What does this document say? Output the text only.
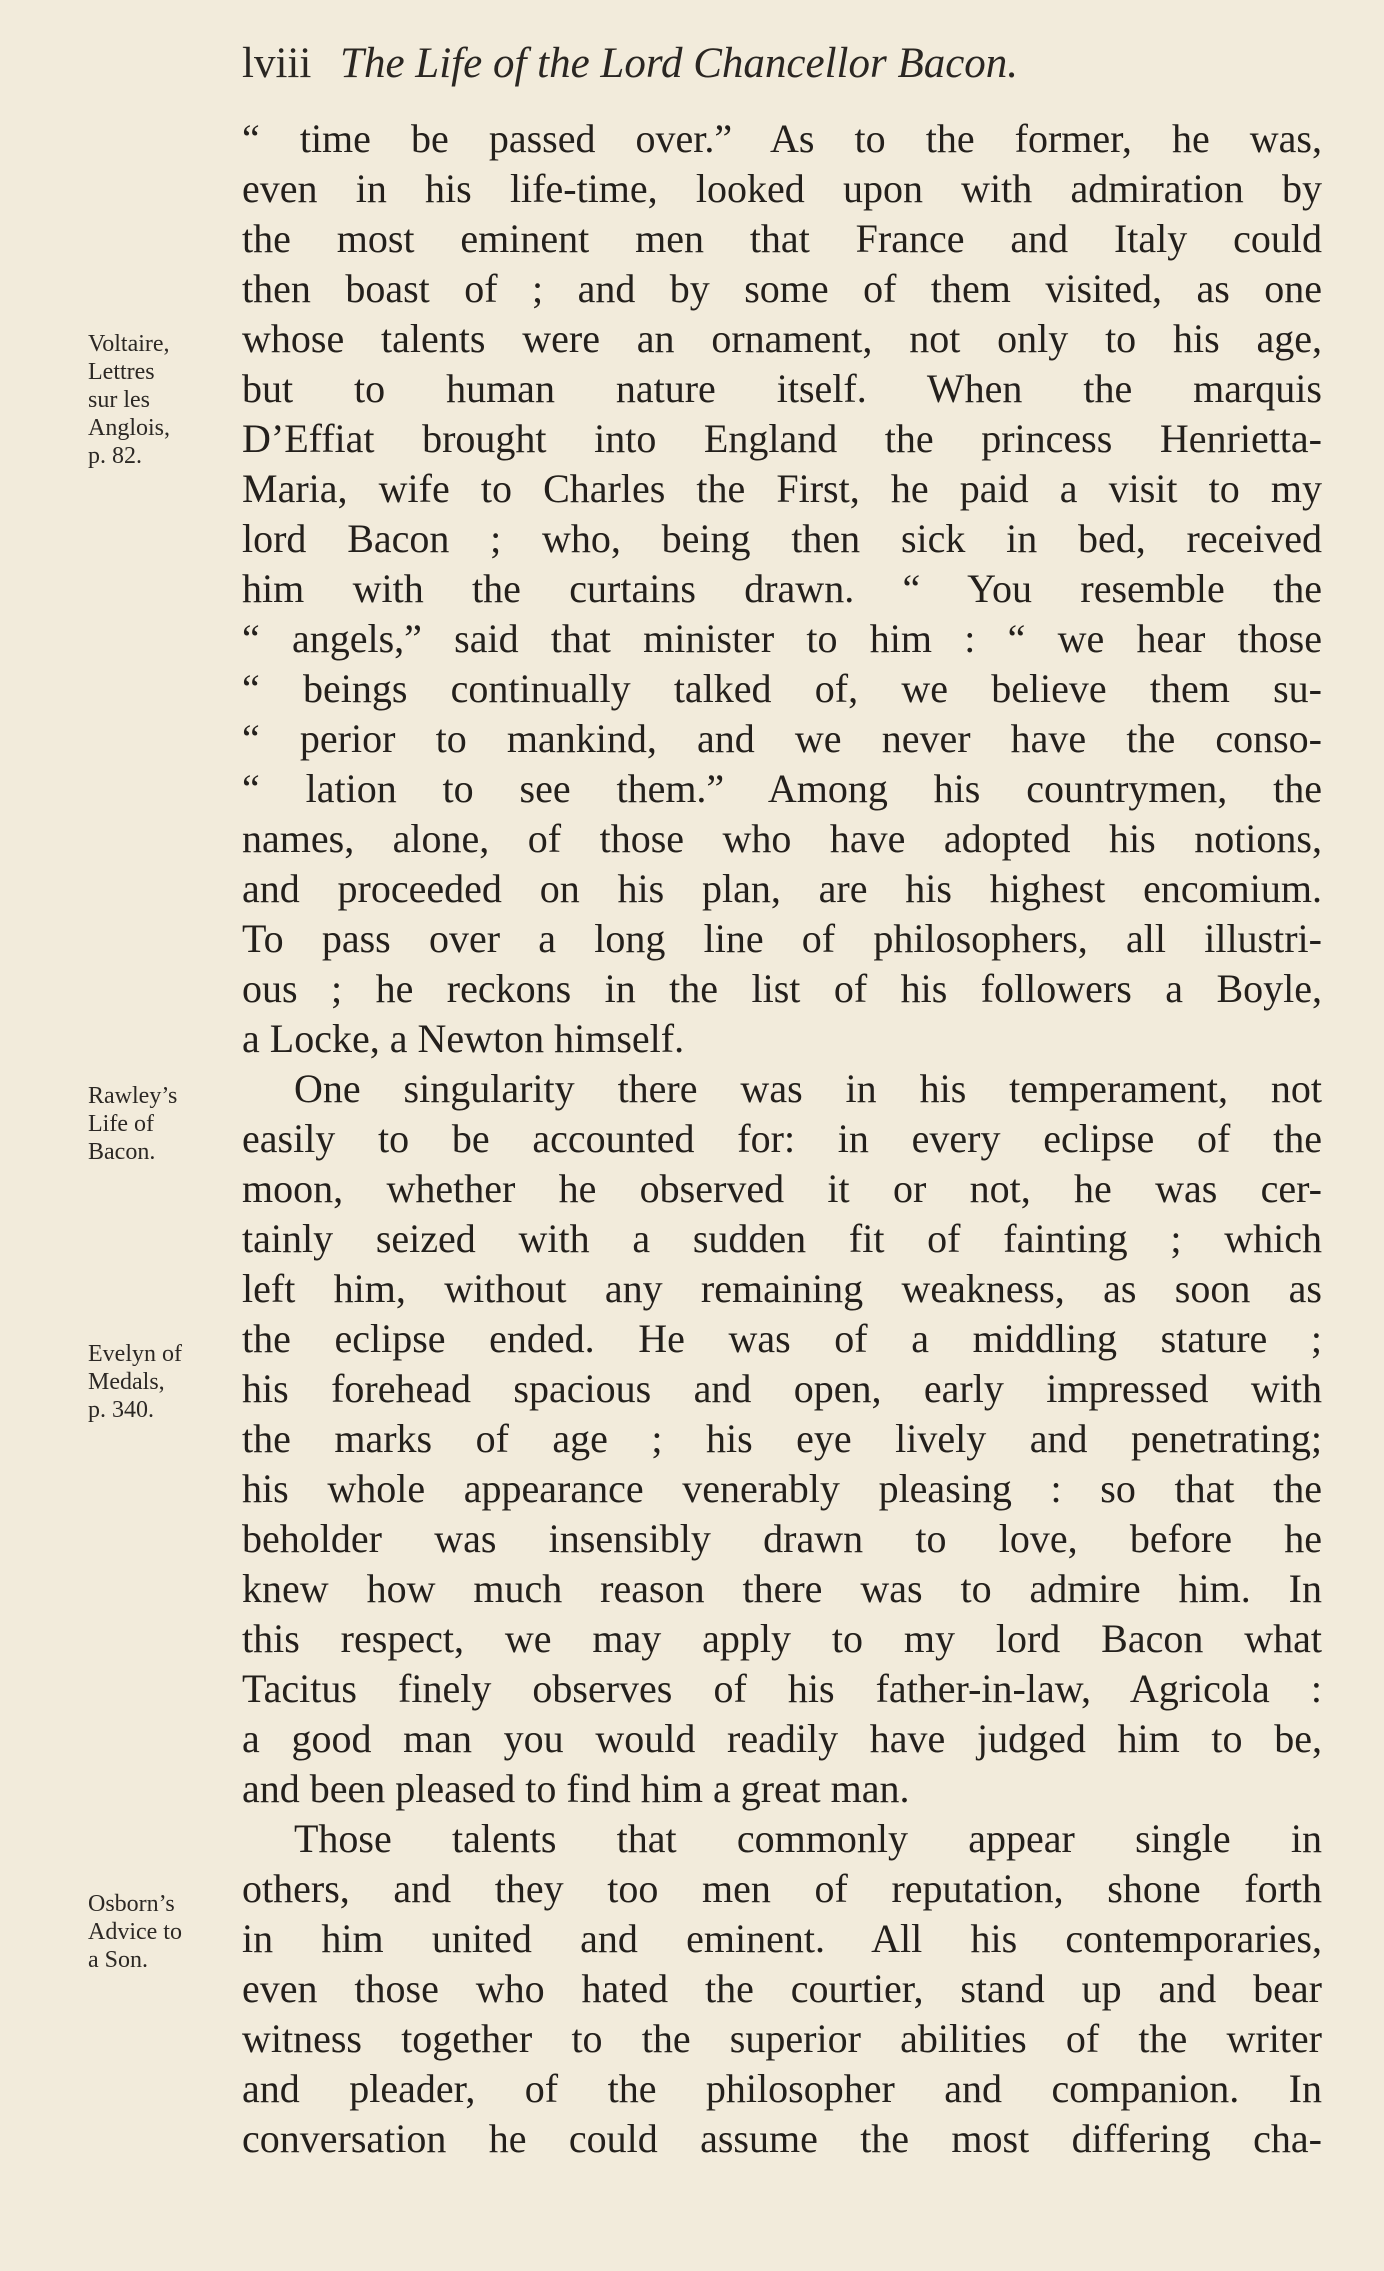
lviii The Life of the Lord Chancellor Bacon.
“ time be passed over.” As to the former, he was,
even in his life-time, looked upon with admiration by
the most eminent men that France and Italy could
then boast of ; and by some of them visited, as one
whose talents were an ornament, not only to his age,
but to human nature itself. When the marquis
D’Effiat brought into England the princess Henrietta-
Maria, wife to Charles the First, he paid a visit to my
lord Bacon ; who, being then sick in bed, received
him with the curtains drawn. “ You resemble the
“ angels,” said that minister to him : “ we hear those
“ beings continually talked of, we believe them su-
“ perior to mankind, and we never have the conso-
“ lation to see them.” Among his countrymen, the
names, alone, of those who have adopted his notions,
and proceeded on his plan, are his highest encomium.
To pass over a long line of philosophers, all illustri-
ous ; he reckons in the list of his followers a Boyle,
a Locke, a Newton himself.
One singularity there was in his temperament, not
easily to be accounted for: in every eclipse of the
moon, whether he observed it or not, he was cer-
tainly seized with a sudden fit of fainting ; which
left him, without any remaining weakness, as soon as
the eclipse ended. He was of a middling stature ;
his forehead spacious and open, early impressed with
the marks of age ; his eye lively and penetrating;
his whole appearance venerably pleasing : so that the
beholder was insensibly drawn to love, before he
knew how much reason there was to admire him. In
this respect, we may apply to my lord Bacon what
Tacitus finely observes of his father-in-law, Agricola :
a good man you would readily have judged him to be,
and been pleased to find him a great man.
Those talents that commonly appear single in
others, and they too men of reputation, shone forth
in him united and eminent. All his contemporaries,
even those who hated the courtier, stand up and bear
witness together to the superior abilities of the writer
and pleader, of the philosopher and companion. In
conversation he could assume the most differing cha-
Voltaire,
Lettres
sur les
Anglois,
p. 82.
Rawley’s
Life of
Bacon.
Evelyn of
Medals,
p. 340.
Osborn’s
Advice to
a Son.
